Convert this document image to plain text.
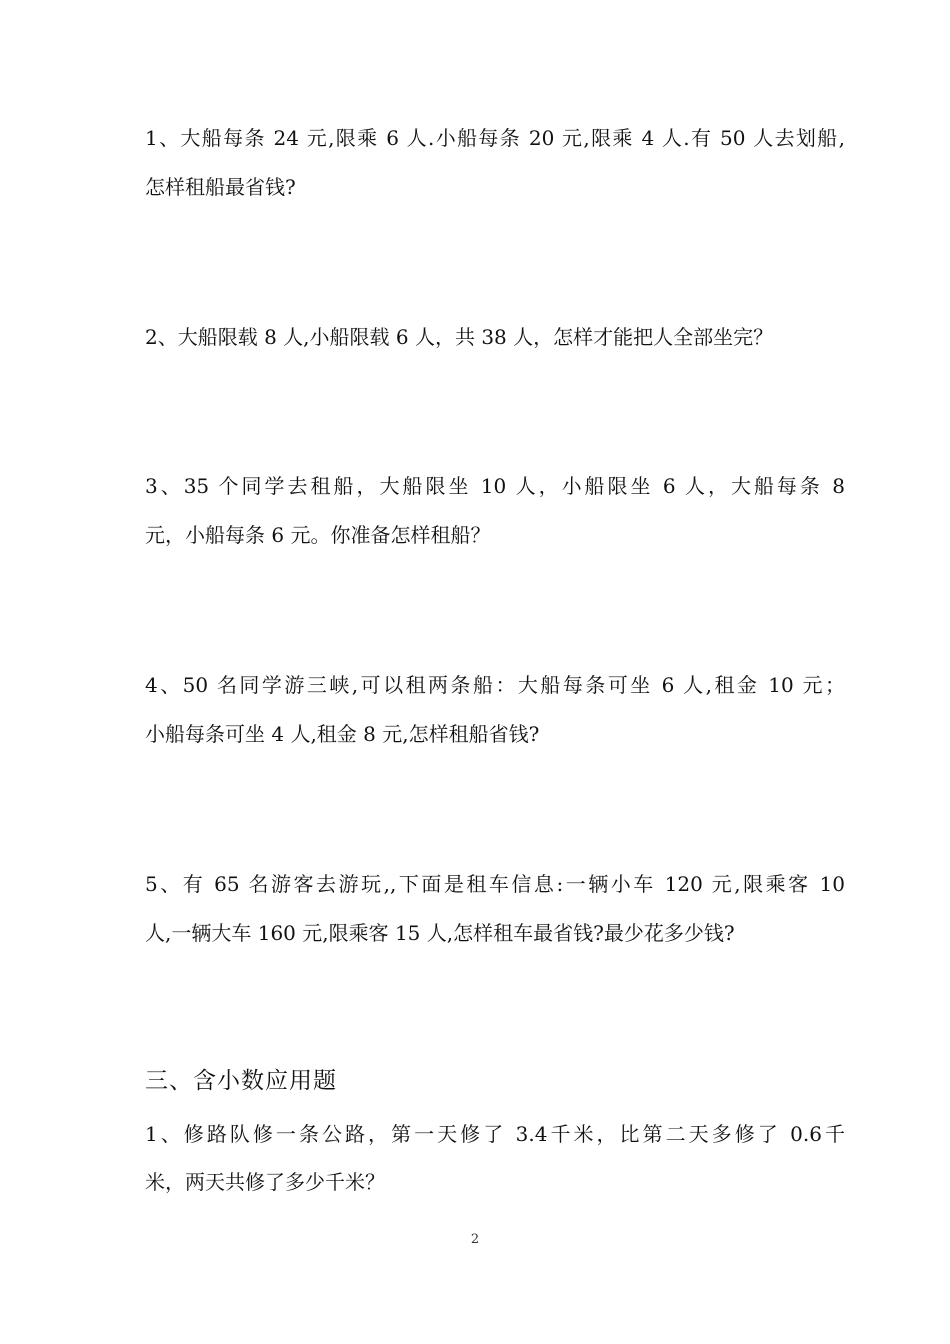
1、大船每条 24 元,限乘 6 人.小船每条 20 元,限乘 4 人.有 50 人去划船,
怎样租船最省钱?
2、大船限载 8 人,小船限载 6 人，共 38 人，怎样才能把人全部坐完？
3、35 个同学去租船，大船限坐 10 人，小船限坐 6 人，大船每条 8
元，小船每条 6 元。你准备怎样租船？
4、50 名同学游三峡,可以租两条船：大船每条可坐 6 人,租金 10 元；
小船每条可坐 4 人,租金 8 元,怎样租船省钱?
5、有 65 名游客去游玩,,下面是租车信息:一辆小车 120 元,限乘客 10
人,一辆大车 160 元,限乘客 15 人,怎样租车最省钱?最少花多少钱?
三、含小数应用题
1、修路队修一条公路，第一天修了 3.4千米，比第二天多修了 0.6千
米，两天共修了多少千米？
2
